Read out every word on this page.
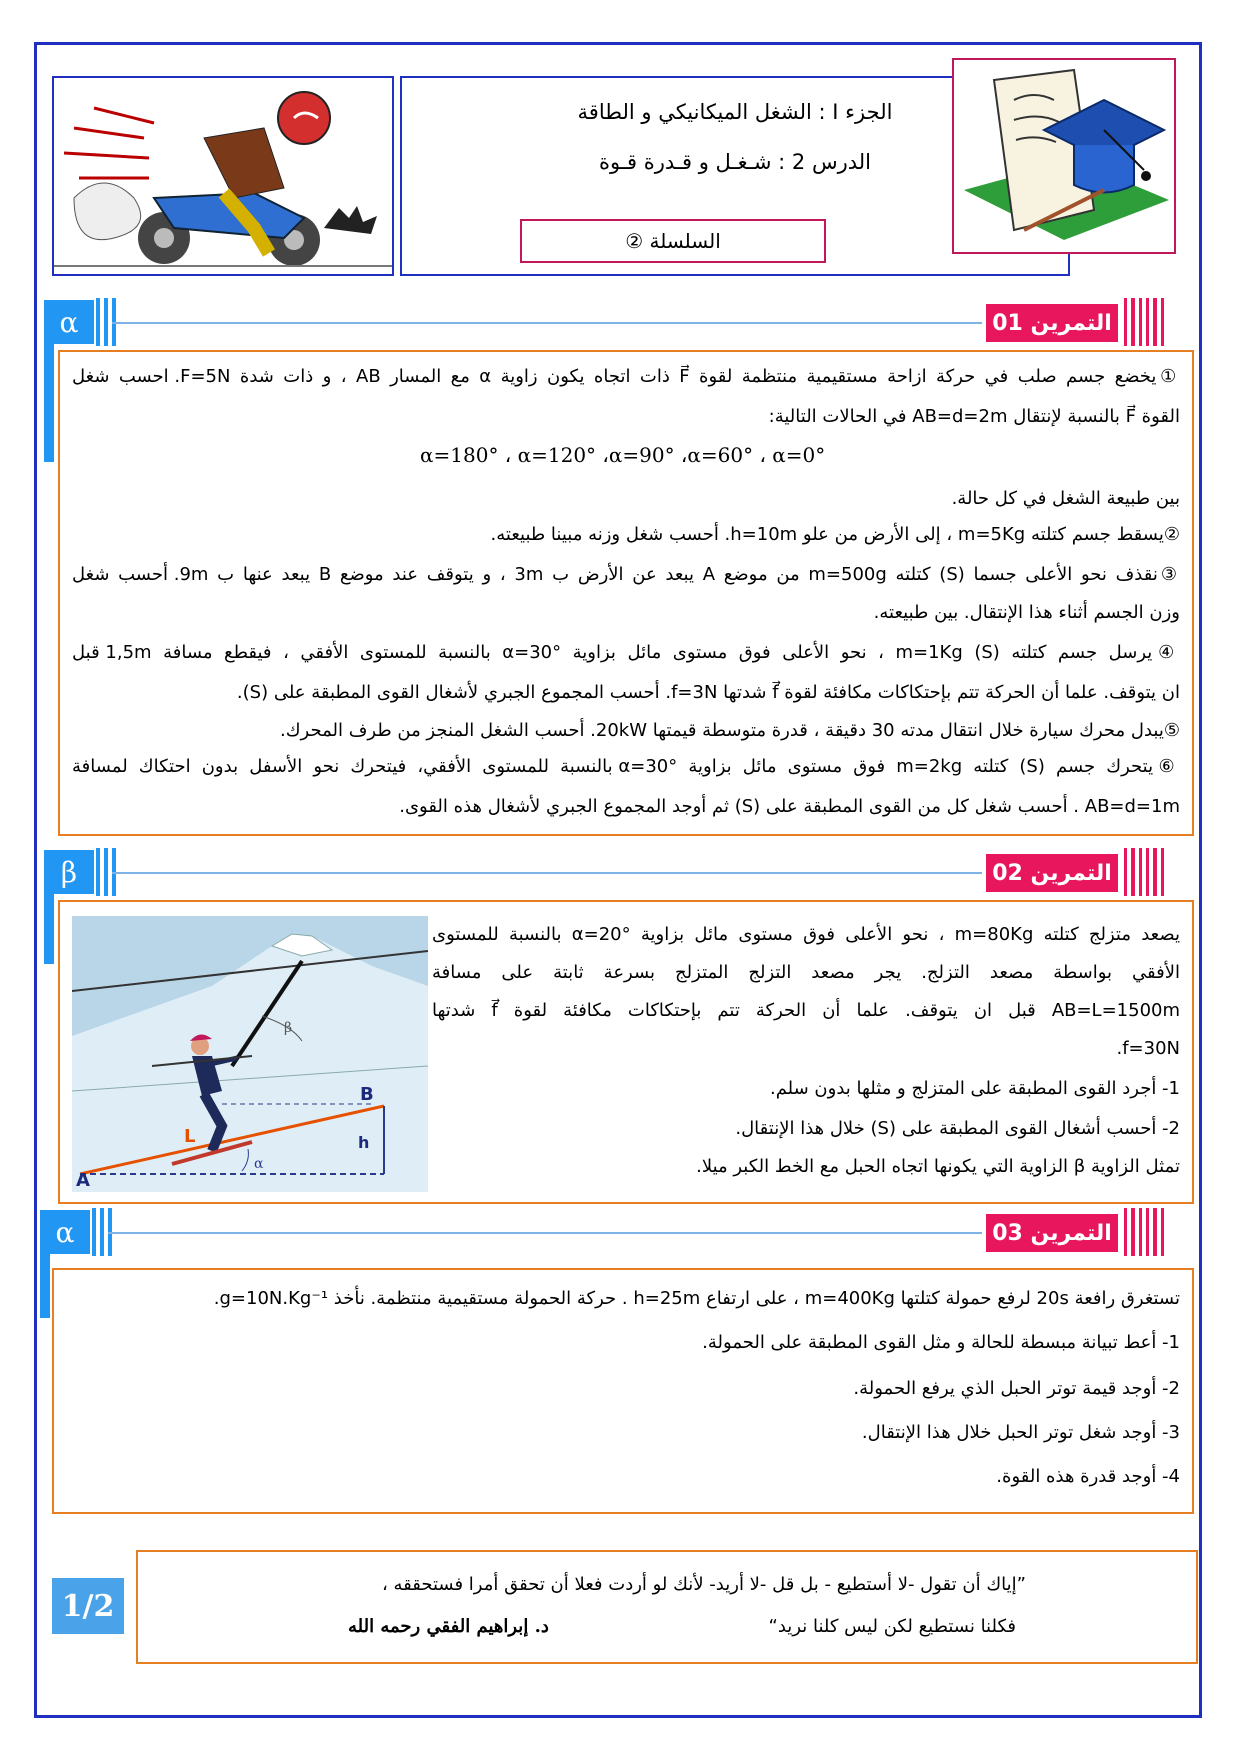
الجزء I : الشغل الميكانيكي و الطاقة
الدرس 2 : شـغـل و قـدرة قـوة
السلسلة ②
α	التمرين 01
①يخضع جسم صلب في حركة ازاحة مستقيمية منتظمة لقوة F⃗ ذات اتجاه يكون زاوية α مع المسار AB ، و ذات شدة F=5N. احسب شغل
القوة F⃗ بالنسبة لإنتقال AB=d=2m في الحالات التالية:
α=180° ، α=120° ،α=90° ،α=60° ، α=0°
بين طبيعة الشغل في كل حالة.
②يسقط جسم كتلته m=5Kg ، إلى الأرض من علو h=10m. أحسب شغل وزنه مبينا طبيعته.
③نقذف نحو الأعلى جسما (S) كتلته m=500g من موضع A يبعد عن الأرض ب 3m ، و يتوقف عند موضع B يبعد عنها ب 9m. أحسب شغل
وزن الجسم أثناء هذا الإنتقال. بين طبيعته.
④يرسل جسم كتلته (S) m=1Kg ، نحو الأعلى فوق مستوى مائل بزاوية α=30° بالنسبة للمستوى الأفقي ، فيقطع مسافة 1,5m قبل
ان يتوقف. علما أن الحركة تتم بإحتكاكات مكافئة لقوة f⃗ شدتها f=3N. أحسب المجموع الجبري لأشغال القوى المطبقة على (S).
⑤يبدل محرك سيارة خلال انتقال مدته 30 دقيقة ، قدرة متوسطة قيمتها 20kW. أحسب الشغل المنجز من طرف المحرك.
⑥يتحرك جسم (S) كتلته m=2kg فوق مستوى مائل بزاوية α=30° بالنسبة للمستوى الأفقي، فيتحرك نحو الأسفل بدون احتكاك لمسافة
AB=d=1m . أحسب شغل كل من القوى المطبقة على (S) ثم أوجد المجموع الجبري لأشغال هذه القوى.
β	التمرين 02
A
B
L	h
α
β
يصعد متزلج كتلته m=80Kg ، نحو الأعلى فوق مستوى مائل بزاوية α=20° بالنسبة للمستوى
الأفقي بواسطة مصعد التزلج. يجر مصعد التزلج المتزلج بسرعة ثابتة على مسافة
AB=L=1500m قبل ان يتوقف. علما أن الحركة تتم بإحتكاكات مكافئة لقوة f⃗ شدتها
f=30N.
1- أجرد القوى المطبقة على المتزلج و مثلها بدون سلم.
2- أحسب أشغال القوى المطبقة على (S) خلال هذا الإنتقال.
تمثل الزاوية β الزاوية التي يكونها اتجاه الحبل مع الخط الكبر ميلا.
α	التمرين 03
تستغرق رافعة 20s لرفع حمولة كتلتها m=400Kg ، على ارتفاع h=25m . حركة الحمولة مستقيمية منتظمة. نأخذ g=10N.Kg⁻¹.
1- أعط تبيانة مبسطة للحالة و مثل القوى المطبقة على الحمولة.
2- أوجد قيمة توتر الحبل الذي يرفع الحمولة.
3- أوجد شغل توتر الحبل خلال هذا الإنتقال.
4- أوجد قدرة هذه القوة.
1/2
”إياك أن تقول -لا أستطيع - بل قل -لا أريد- لأنك لو أردت فعلا أن تحقق أمرا فستحققه ،
فكلنا نستطيع لكن ليس كلنا نريد“
د. إبراهيم الفقي رحمه الله
